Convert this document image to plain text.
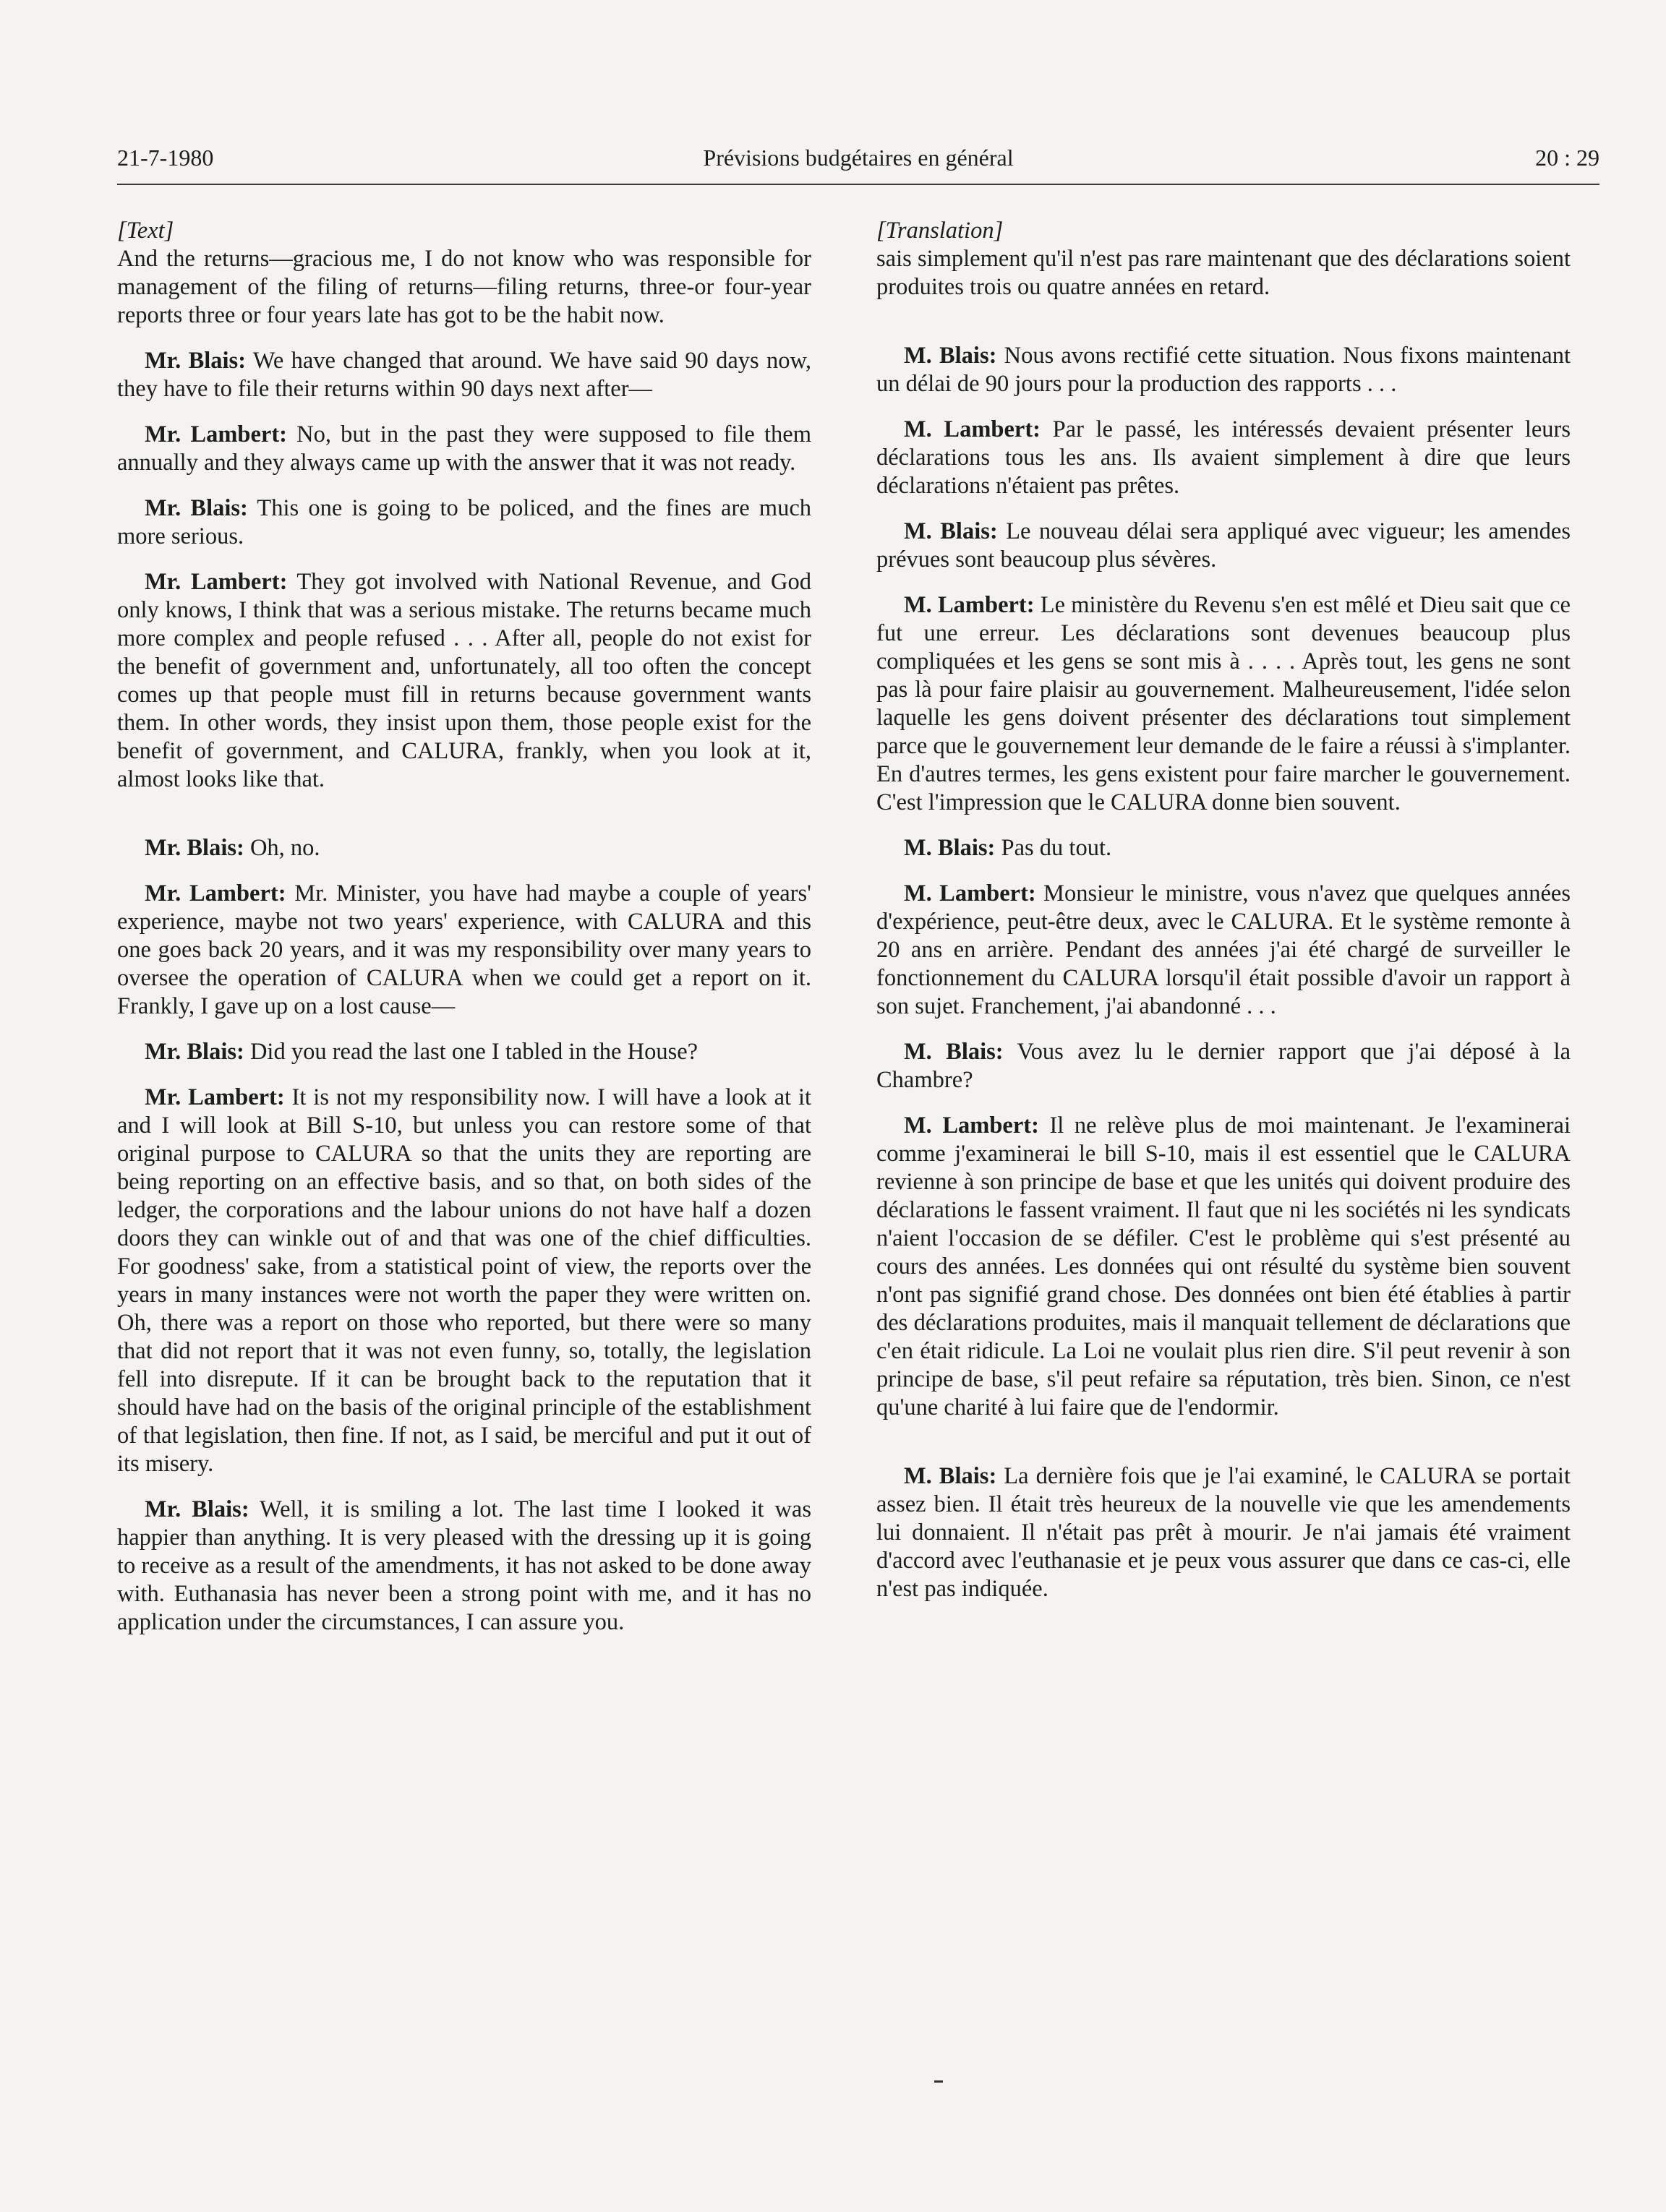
21-7-1980	Prévisions budgétaires en général	20 : 29

[Text]

And the returns—gracious me, I do not know who was responsible for management of the filing of returns—filing returns, three-or four-year reports three or four years late has got to be the habit now.

Mr. Blais: We have changed that around. We have said 90 days now, they have to file their returns within 90 days next after—

Mr. Lambert: No, but in the past they were supposed to file them annually and they always came up with the answer that it was not ready.

Mr. Blais: This one is going to be policed, and the fines are much more serious.

Mr. Lambert: They got involved with National Revenue, and God only knows, I think that was a serious mistake. The returns became much more complex and people refused . . . After all, people do not exist for the benefit of government and, unfortunately, all too often the concept comes up that people must fill in returns because government wants them. In other words, they insist upon them, those people exist for the benefit of government, and CALURA, frankly, when you look at it, almost looks like that.

Mr. Blais: Oh, no.

Mr. Lambert: Mr. Minister, you have had maybe a couple of years' experience, maybe not two years' experience, with CALURA and this one goes back 20 years, and it was my responsibility over many years to oversee the operation of CALURA when we could get a report on it. Frankly, I gave up on a lost cause—

Mr. Blais: Did you read the last one I tabled in the House?

Mr. Lambert: It is not my responsibility now. I will have a look at it and I will look at Bill S-10, but unless you can restore some of that original purpose to CALURA so that the units they are reporting are being reporting on an effective basis, and so that, on both sides of the ledger, the corporations and the labour unions do not have half a dozen doors they can winkle out of and that was one of the chief difficulties. For goodness' sake, from a statistical point of view, the reports over the years in many instances were not worth the paper they were written on. Oh, there was a report on those who reported, but there were so many that did not report that it was not even funny, so, totally, the legislation fell into disrepute. If it can be brought back to the reputation that it should have had on the basis of the original principle of the establishment of that legislation, then fine. If not, as I said, be merciful and put it out of its misery.

Mr. Blais: Well, it is smiling a lot. The last time I looked it was happier than anything. It is very pleased with the dressing up it is going to receive as a result of the amendments, it has not asked to be done away with. Euthanasia has never been a strong point with me, and it has no application under the circumstances, I can assure you.

[Translation]

sais simplement qu'il n'est pas rare maintenant que des déclarations soient produites trois ou quatre années en retard.

M. Blais: Nous avons rectifié cette situation. Nous fixons maintenant un délai de 90 jours pour la production des rapports . . .

M. Lambert: Par le passé, les intéressés devaient présenter leurs déclarations tous les ans. Ils avaient simplement à dire que leurs déclarations n'étaient pas prêtes.

M. Blais: Le nouveau délai sera appliqué avec vigueur; les amendes prévues sont beaucoup plus sévères.

M. Lambert: Le ministère du Revenu s'en est mêlé et Dieu sait que ce fut une erreur. Les déclarations sont devenues beaucoup plus compliquées et les gens se sont mis à . . . . Après tout, les gens ne sont pas là pour faire plaisir au gouvernement. Malheureusement, l'idée selon laquelle les gens doivent présenter des déclarations tout simplement parce que le gouvernement leur demande de le faire a réussi à s'implanter. En d'autres termes, les gens existent pour faire marcher le gouvernement. C'est l'impression que le CALURA donne bien souvent.

M. Blais: Pas du tout.

M. Lambert: Monsieur le ministre, vous n'avez que quelques années d'expérience, peut-être deux, avec le CALURA. Et le système remonte à 20 ans en arrière. Pendant des années j'ai été chargé de surveiller le fonctionnement du CALURA lorsqu'il était possible d'avoir un rapport à son sujet. Franchement, j'ai abandonné . . .

M. Blais: Vous avez lu le dernier rapport que j'ai déposé à la Chambre?

M. Lambert: Il ne relève plus de moi maintenant. Je l'examinerai comme j'examinerai le bill S-10, mais il est essentiel que le CALURA revienne à son principe de base et que les unités qui doivent produire des déclarations le fassent vraiment. Il faut que ni les sociétés ni les syndicats n'aient l'occasion de se défiler. C'est le problème qui s'est présenté au cours des années. Les données qui ont résulté du système bien souvent n'ont pas signifié grand chose. Des données ont bien été établies à partir des déclarations produites, mais il manquait tellement de déclarations que c'en était ridicule. La Loi ne voulait plus rien dire. S'il peut revenir à son principe de base, s'il peut refaire sa réputation, très bien. Sinon, ce n'est qu'une charité à lui faire que de l'endormir.

M. Blais: La dernière fois que je l'ai examiné, le CALURA se portait assez bien. Il était très heureux de la nouvelle vie que les amendements lui donnaient. Il n'était pas prêt à mourir. Je n'ai jamais été vraiment d'accord avec l'euthanasie et je peux vous assurer que dans ce cas-ci, elle n'est pas indiquée.
